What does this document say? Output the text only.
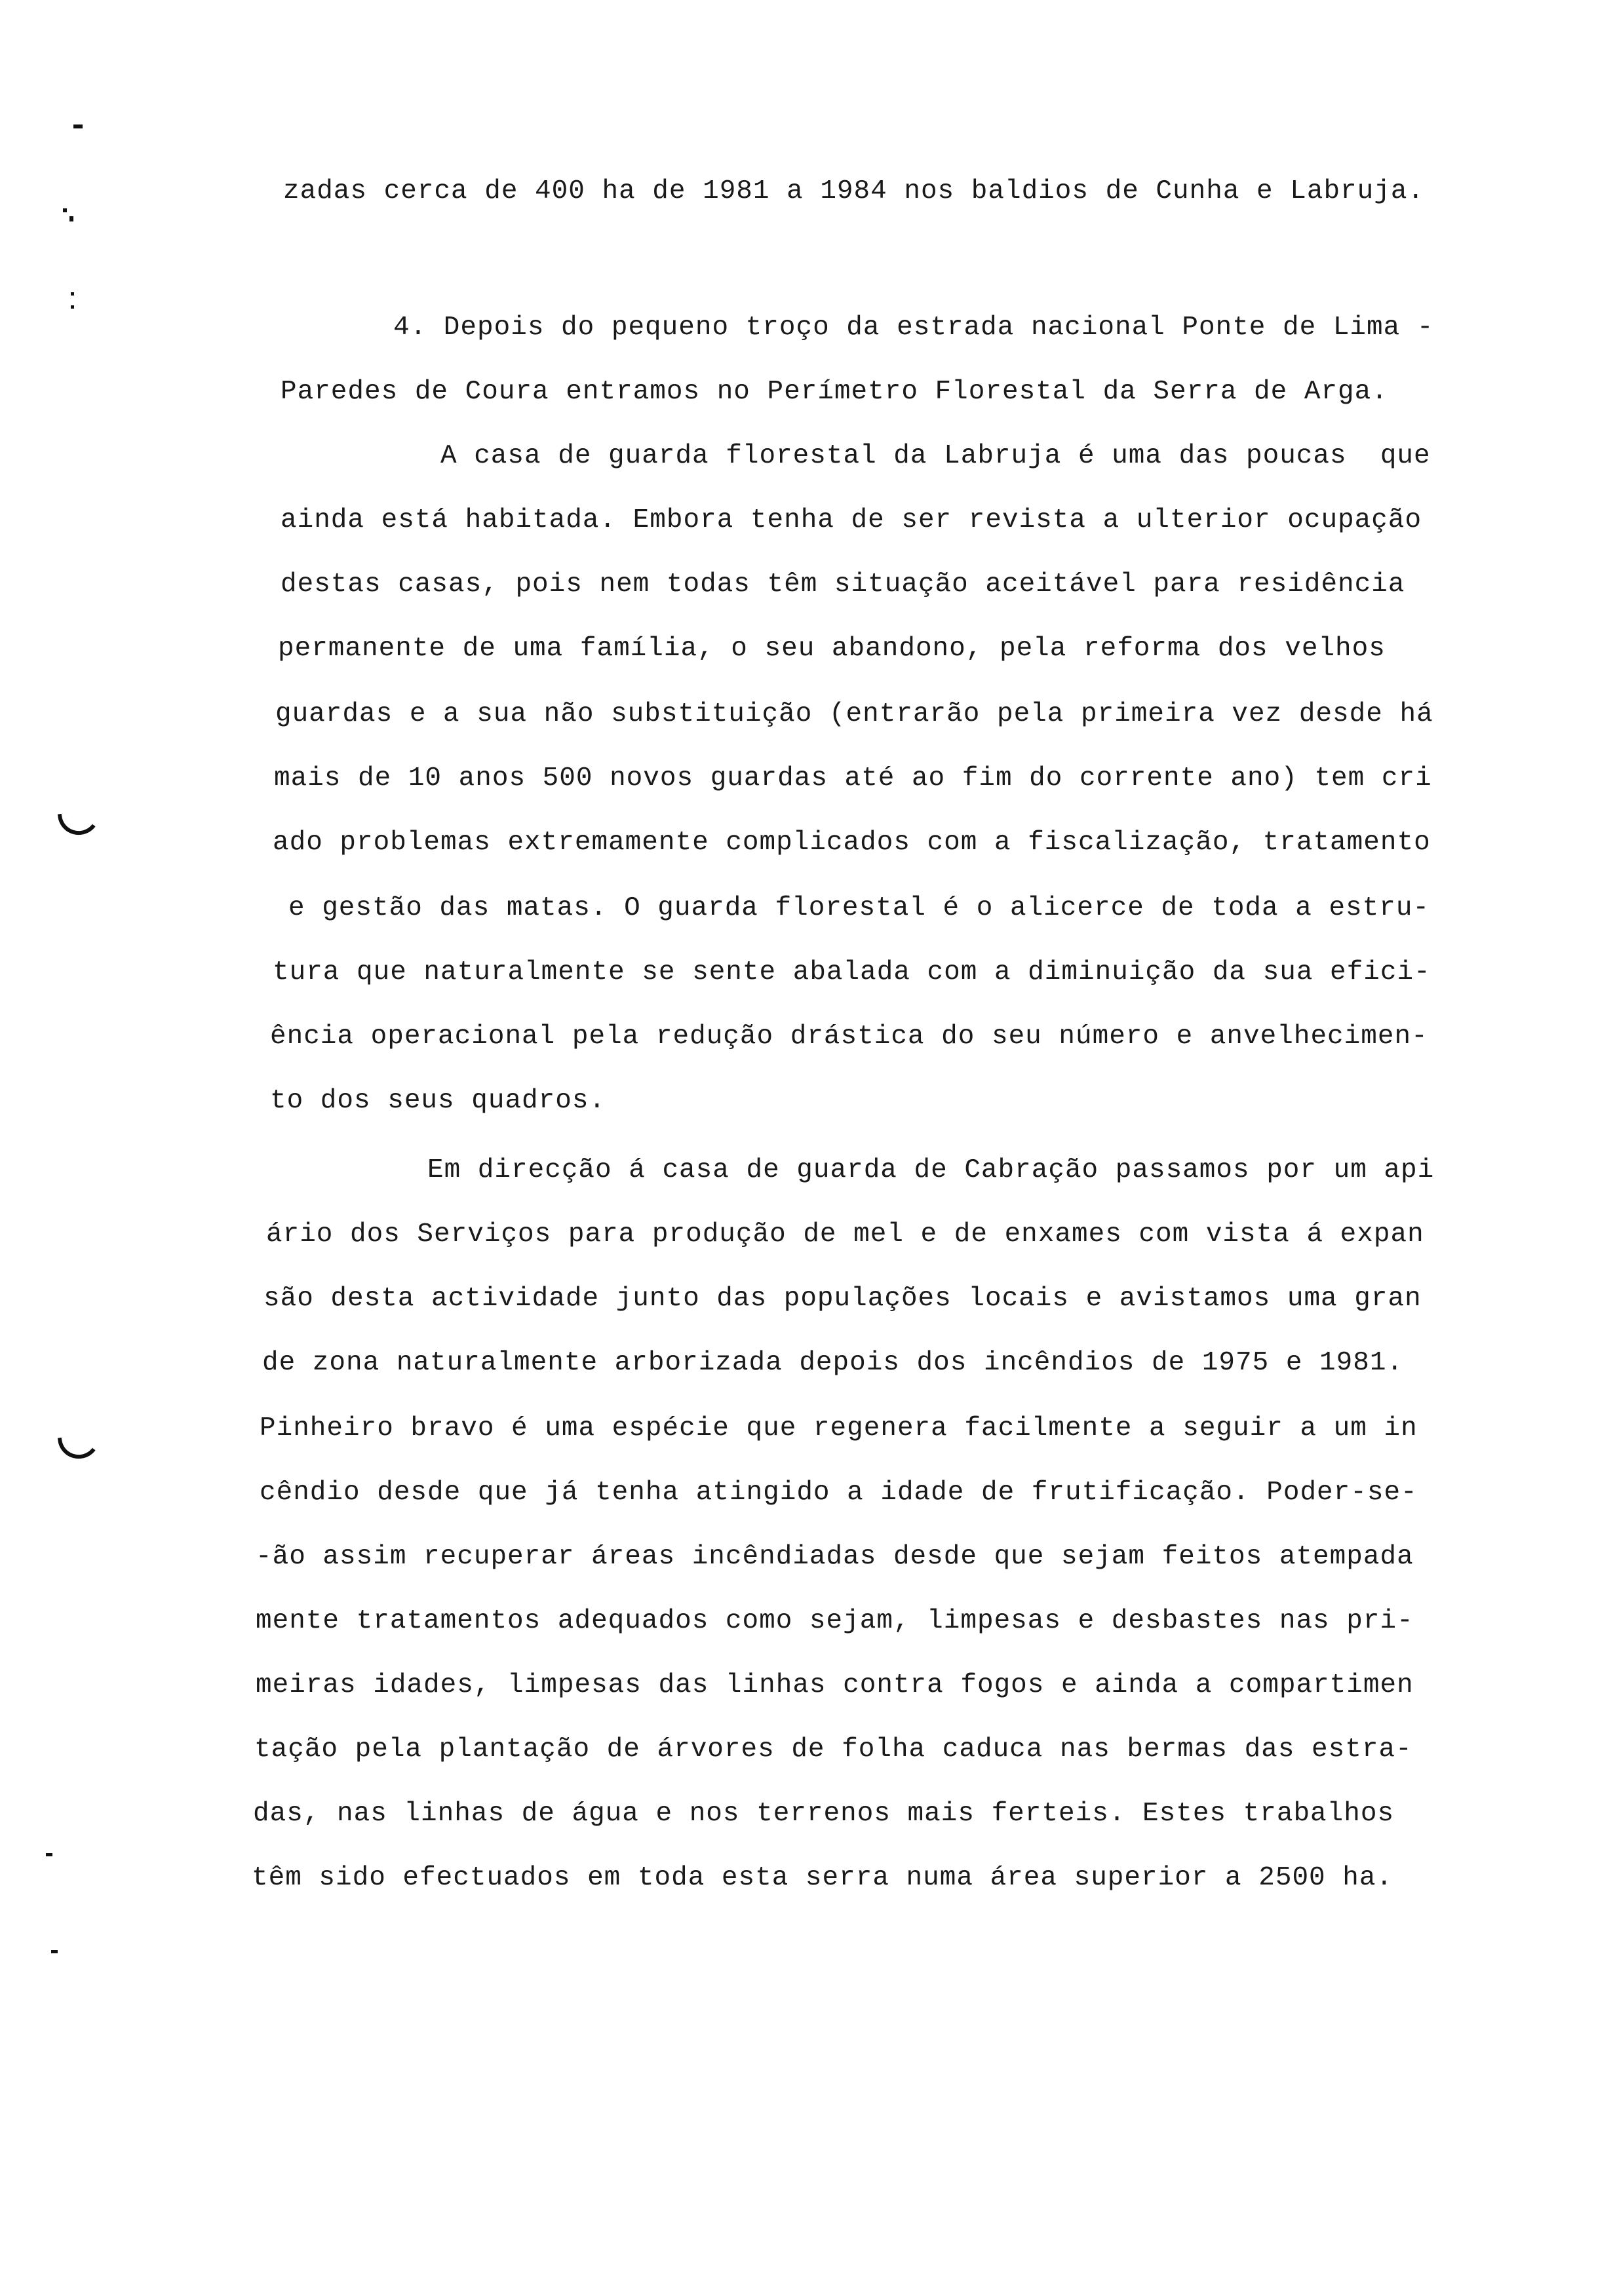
zadas cerca de 400 ha de 1981 a 1984 nos baldios de Cunha e Labruja.
4. Depois do pequeno troço da estrada nacional Ponte de Lima -
Paredes de Coura entramos no Perímetro Florestal da Serra de Arga.
A casa de guarda florestal da Labruja é uma das poucas  que
ainda está habitada. Embora tenha de ser revista a ulterior ocupação
destas casas, pois nem todas têm situação aceitável para residência
permanente de uma família, o seu abandono, pela reforma dos velhos
guardas e a sua não substituição (entrarão pela primeira vez desde há
mais de 10 anos 500 novos guardas até ao fim do corrente ano) tem cri
ado problemas extremamente complicados com a fiscalização, tratamento
e gestão das matas. O guarda florestal é o alicerce de toda a estru-
tura que naturalmente se sente abalada com a diminuição da sua efici-
ência operacional pela redução drástica do seu número e anvelhecimen-
to dos seus quadros.
Em direcção á casa de guarda de Cabração passamos por um api
ário dos Serviços para produção de mel e de enxames com vista á expan
são desta actividade junto das populações locais e avistamos uma gran
de zona naturalmente arborizada depois dos incêndios de 1975 e 1981.
Pinheiro bravo é uma espécie que regenera facilmente a seguir a um in
cêndio desde que já tenha atingido a idade de frutificação. Poder-se-
-ão assim recuperar áreas incêndiadas desde que sejam feitos atempada
mente tratamentos adequados como sejam, limpesas e desbastes nas pri-
meiras idades, limpesas das linhas contra fogos e ainda a compartimen
tação pela plantação de árvores de folha caduca nas bermas das estra-
das, nas linhas de água e nos terrenos mais ferteis. Estes trabalhos
têm sido efectuados em toda esta serra numa área superior a 2500 ha.
